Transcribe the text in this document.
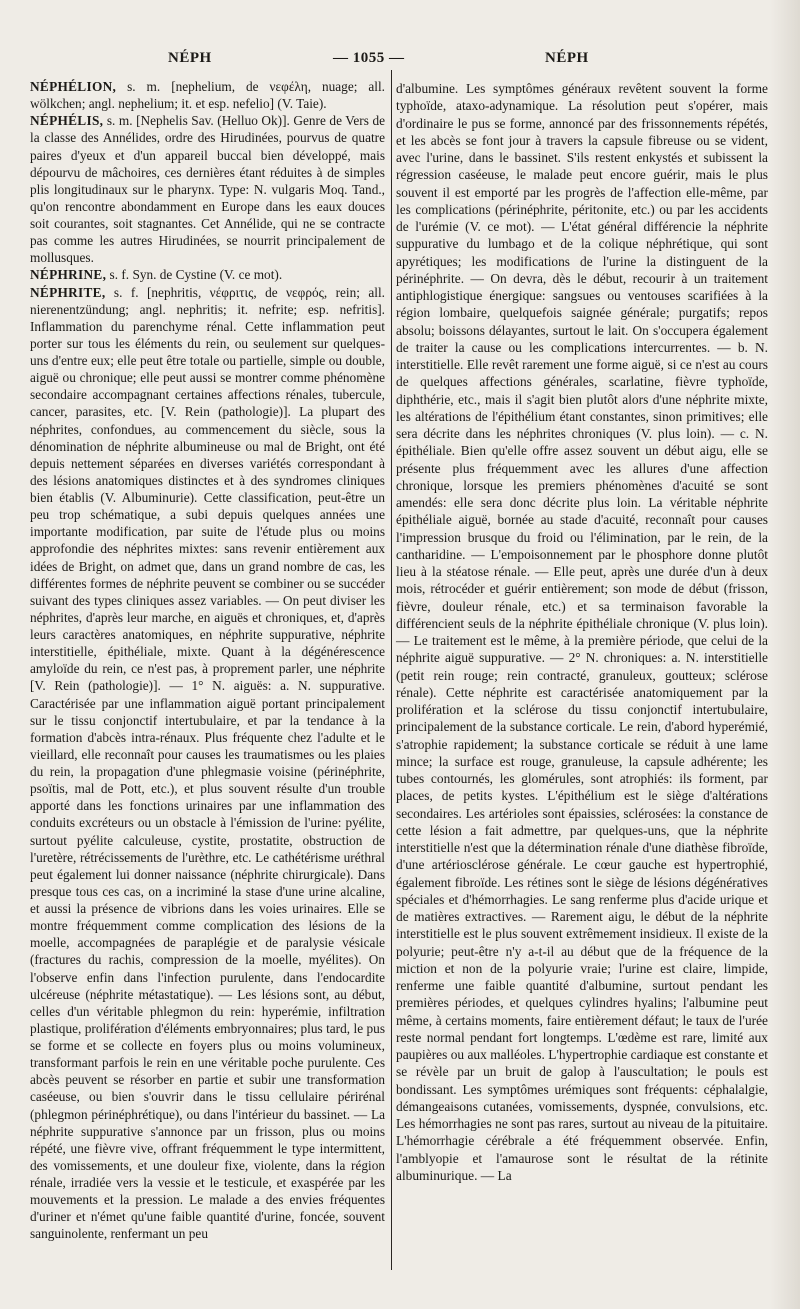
NÉPH	— 1055 —	NÉPH

NÉPHÉLION, s. m. [nephelium, de νεφέλη, nuage; all. wölkchen; angl. nephelium; it. et esp. nefelio] (V. Taie).

NÉPHÉLIS, s. m. [Nephelis Sav. (Helluo Ok)]. Genre de Vers de la classe des Annélides, ordre des Hirudinées, pourvus de quatre paires d'yeux et d'un appareil buccal bien développé, mais dépourvu de mâchoires, ces dernières étant réduites à de simples plis longitudinaux sur le pharynx. Type: N. vulgaris Moq. Tand., qu'on rencontre abondamment en Europe dans les eaux douces soit courantes, soit stagnantes. Cet Annélide, qui ne se contracte pas comme les autres Hirudinées, se nourrit principalement de mollusques.

NÉPHRINE, s. f. Syn. de Cystine (V. ce mot).

NÉPHRITE, s. f. [nephritis, νέφριτις, de νεφρός, rein; all. nierenentzündung; angl. nephritis; it. nefrite; esp. nefritis]. Inflammation du parenchyme rénal. Cette inflammation peut porter sur tous les éléments du rein, ou seulement sur quelques-uns d'entre eux; elle peut être totale ou partielle, simple ou double, aiguë ou chronique; elle peut aussi se montrer comme phénomène secondaire accompagnant certaines affections rénales, tubercule, cancer, parasites, etc. [V. Rein (pathologie)]. La plupart des néphrites, confondues, au commencement du siècle, sous la dénomination de néphrite albumineuse ou mal de Bright, ont été depuis nettement séparées en diverses variétés correspondant à des lésions anatomiques distinctes et à des syndromes cliniques bien établis (V. Albuminurie). Cette classification, peut-être un peu trop schématique, a subi depuis quelques années une importante modification, par suite de l'étude plus ou moins approfondie des néphrites mixtes: sans revenir entièrement aux idées de Bright, on admet que, dans un grand nombre de cas, les différentes formes de néphrite peuvent se combiner ou se succéder suivant des types cliniques assez variables. — On peut diviser les néphrites, d'après leur marche, en aiguës et chroniques, et, d'après leurs caractères anatomiques, en néphrite suppurative, néphrite interstitielle, épithéliale, mixte. Quant à la dégénérescence amyloïde du rein, ce n'est pas, à proprement parler, une néphrite [V. Rein (pathologie)]. — 1° N. aiguës: a. N. suppurative. Caractérisée par une inflammation aiguë portant principalement sur le tissu conjonctif intertubulaire, et par la tendance à la formation d'abcès intra-rénaux. Plus fréquente chez l'adulte et le vieillard, elle reconnaît pour causes les traumatismes ou les plaies du rein, la propagation d'une phlegmasie voisine (périnéphrite, psoïtis, mal de Pott, etc.), et plus souvent résulte d'un trouble apporté dans les fonctions urinaires par une inflammation des conduits excréteurs ou un obstacle à l'émission de l'urine: pyélite, surtout pyélite calculeuse, cystite, prostatite, obstruction de l'uretère, rétrécissements de l'urèthre, etc. Le cathétérisme uréthral peut également lui donner naissance (néphrite chirurgicale). Dans presque tous ces cas, on a incriminé la stase d'une urine alcaline, et aussi la présence de vibrions dans les voies urinaires. Elle se montre fréquemment comme complication des lésions de la moelle, accompagnées de paraplégie et de paralysie vésicale (fractures du rachis, compression de la moelle, myélites). On l'observe enfin dans l'infection purulente, dans l'endocardite ulcéreuse (néphrite métastatique). — Les lésions sont, au début, celles d'un véritable phlegmon du rein: hyperémie, infiltration plastique, prolifération d'éléments embryonnaires; plus tard, le pus se forme et se collecte en foyers plus ou moins volumineux, transformant parfois le rein en une véritable poche purulente. Ces abcès peuvent se résorber en partie et subir une transformation caséeuse, ou bien s'ouvrir dans le tissu cellulaire périrénal (phlegmon périnéphrétique), ou dans l'intérieur du bassinet. — La néphrite suppurative s'annonce par un frisson, plus ou moins répété, une fièvre vive, offrant fréquemment le type intermittent, des vomissements, et une douleur fixe, violente, dans la région rénale, irradiée vers la vessie et le testicule, et exaspérée par les mouvements et la pression. Le malade a des envies fréquentes d'uriner et n'émet qu'une faible quantité d'urine, foncée, souvent sanguinolente, renfermant un peu

d'albumine. Les symptômes généraux revêtent souvent la forme typhoïde, ataxo-adynamique. La résolution peut s'opérer, mais d'ordinaire le pus se forme, annoncé par des frissonnements répétés, et les abcès se font jour à travers la capsule fibreuse ou se vident, avec l'urine, dans le bassinet. S'ils restent enkystés et subissent la régression caséeuse, le malade peut encore guérir, mais le plus souvent il est emporté par les progrès de l'affection elle-même, par les complications (périnéphrite, péritonite, etc.) ou par les accidents de l'urémie (V. ce mot). — L'état général différencie la néphrite suppurative du lumbago et de la colique néphrétique, qui sont apyrétiques; les modifications de l'urine la distinguent de la périnéphrite. — On devra, dès le début, recourir à un traitement antiphlogistique énergique: sangsues ou ventouses scarifiées à la région lombaire, quelquefois saignée générale; purgatifs; repos absolu; boissons délayantes, surtout le lait. On s'occupera également de traiter la cause ou les complications intercurrentes. — b. N. interstitielle. Elle revêt rarement une forme aiguë, si ce n'est au cours de quelques affections générales, scarlatine, fièvre typhoïde, diphthérie, etc., mais il s'agit bien plutôt alors d'une néphrite mixte, les altérations de l'épithélium étant constantes, sinon primitives; elle sera décrite dans les néphrites chroniques (V. plus loin). — c. N. épithéliale. Bien qu'elle offre assez souvent un début aigu, elle se présente plus fréquemment avec les allures d'une affection chronique, lorsque les premiers phénomènes d'acuité se sont amendés: elle sera donc décrite plus loin. La véritable néphrite épithéliale aiguë, bornée au stade d'acuité, reconnaît pour causes l'impression brusque du froid ou l'élimination, par le rein, de la cantharidine. — L'empoisonnement par le phosphore donne plutôt lieu à la stéatose rénale. — Elle peut, après une durée d'un à deux mois, rétrocéder et guérir entièrement; son mode de début (frisson, fièvre, douleur rénale, etc.) et sa terminaison favorable la différencient seuls de la néphrite épithéliale chronique (V. plus loin). — Le traitement est le même, à la première période, que celui de la néphrite aiguë suppurative. — 2° N. chroniques: a. N. interstitielle (petit rein rouge; rein contracté, granuleux, goutteux; sclérose rénale). Cette néphrite est caractérisée anatomiquement par la prolifération et la sclérose du tissu conjonctif intertubulaire, principalement de la substance corticale. Le rein, d'abord hyperémié, s'atrophie rapidement; la substance corticale se réduit à une lame mince; la surface est rouge, granuleuse, la capsule adhérente; les tubes contournés, les glomérules, sont atrophiés: ils forment, par places, de petits kystes. L'épithélium est le siège d'altérations secondaires. Les artérioles sont épaissies, sclérosées: la constance de cette lésion a fait admettre, par quelques-uns, que la néphrite interstitielle n'est que la détermination rénale d'une diathèse fibroïde, d'une artériosclérose générale. Le cœur gauche est hypertrophié, également fibroïde. Les rétines sont le siège de lésions dégénératives spéciales et d'hémorrhagies. Le sang renferme plus d'acide urique et de matières extractives. — Rarement aigu, le début de la néphrite interstitielle est le plus souvent extrêmement insidieux. Il existe de la polyurie; peut-être n'y a-t-il au début que de la fréquence de la miction et non de la polyurie vraie; l'urine est claire, limpide, renferme une faible quantité d'albumine, surtout pendant les premières périodes, et quelques cylindres hyalins; l'albumine peut même, à certains moments, faire entièrement défaut; le taux de l'urée reste normal pendant fort longtemps. L'œdème est rare, limité aux paupières ou aux malléoles. L'hypertrophie cardiaque est constante et se révèle par un bruit de galop à l'auscultation; le pouls est bondissant. Les symptômes urémiques sont fréquents: céphalalgie, démangeaisons cutanées, vomissements, dyspnée, convulsions, etc. Les hémorrhagies ne sont pas rares, surtout au niveau de la pituitaire. L'hémorrhagie cérébrale a été fréquemment observée. Enfin, l'amblyopie et l'amaurose sont le résultat de la rétinite albuminurique. — La
